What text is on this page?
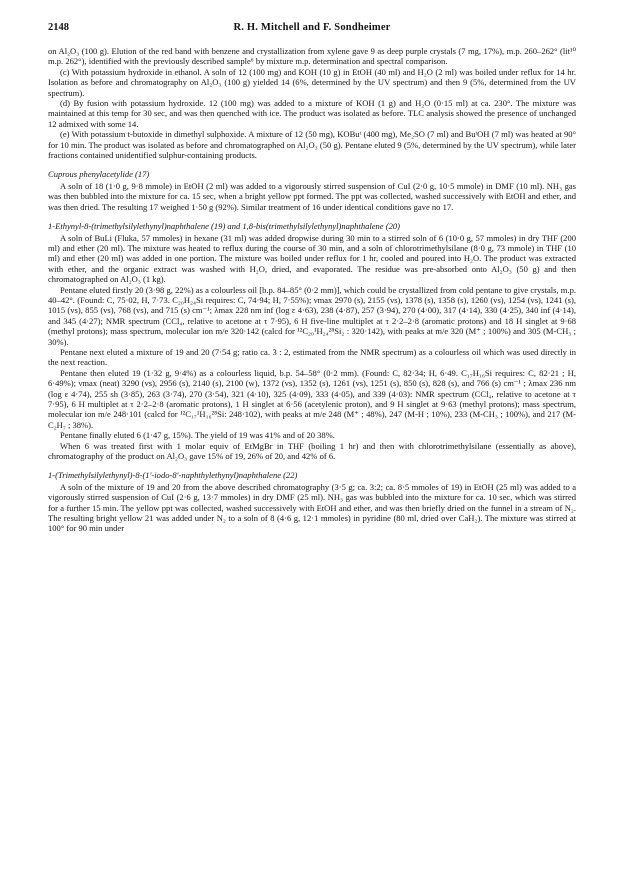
2148	R. H. Mitchell and F. Sondheimer

on Al₂O₃ (100 g). Elution of the red band with benzene and crystallization from xylene gave 9 as deep purple crystals (7 mg, 17%), m.p. 260–262° (lit¹⁰ m.p. 262°), identified with the previously described sample⁶ by mixture m.p. determination and spectral comparison.

(c) With potassium hydroxide in ethanol. A soln of 12 (100 mg) and KOH (10 g) in EtOH (40 ml) and H₂O (2 ml) was boiled under reflux for 14 hr. Isolation as before and chromatography on Al₂O₃ (100 g) yielded 14 (6%, determined by the UV spectrum) and then 9 (5%, determined from the UV spectrum).

(d) By fusion with potassium hydroxide. 12 (100 mg) was added to a mixture of KOH (1 g) and H₂O (0·15 ml) at ca. 230°. The mixture was maintained at this temp for 30 sec, and was then quenched with ice. The product was isolated as before. TLC analysis showed the presence of unchanged 12 admixed with some 14.

(e) With potassium t-butoxide in dimethyl sulphoxide. A mixture of 12 (50 mg), KOBuᵗ (400 mg), Me₂SO (7 ml) and BuᵗOH (7 ml) was heated at 90° for 10 min. The product was isolated as before and chromatographed on Al₂O₃ (50 g). Pentane eluted 9 (5%, determined by the UV spectrum), while later fractions contained unidentified sulphur-containing products.

Cuprous phenylacetylide (17)

A soln of 18 (1·0 g, 9·8 mmole) in EtOH (2 ml) was added to a vigorously stirred suspension of CuI (2·0 g, 10·5 mmole) in DMF (10 ml). NH₃ gas was then bubbled into the mixture for ca. 15 sec, when a bright yellow ppt formed. The ppt was collected, washed successively with EtOH and ether, and was then dried. The resulting 17 weighed 1·50 g (92%). Similar treatment of 16 under identical conditions gave no 17.

1-Ethynyl-8-(trimethylsilylethynyl)naphthalene (19) and 1,8-bis(trimethylsilylethynyl)naphthalene (20)

A soln of BuLi (Fluka, 57 mmoles) in hexane (31 ml) was added dropwise during 30 min to a stirred soln of 6 (10·0 g, 57 mmoles) in dry THF (200 ml) and ether (20 ml). The mixture was heated to reflux during the course of 30 min, and a soln of chlorotrimethylsilane (8·0 g, 73 mmole) in THF (10 ml) and ether (20 ml) was added in one portion. The mixture was boiled under reflux for 1 hr, cooled and poured into H₂O. The product was extracted with ether, and the organic extract was washed with H₂O, dried, and evaporated. The residue was pre-absorbed onto Al₂O₃ (50 g) and then chromatographed on Al₂O₃ (1 kg).

Pentane eluted firstly 20 (3·98 g, 22%) as a colourless oil [b.p. 84–85° (0·2 mm)], which could be crystallized from cold pentane to give crystals, m.p. 40–42°. (Found: C, 75·02, H, 7·73. C₂₀H₂₄Si requires: C, 74·94; H, 7·55%); νmax 2970 (s), 2155 (vs), 1378 (s), 1358 (s), 1260 (vs), 1254 (vs), 1241 (s), 1015 (vs), 855 (vs), 768 (vs), and 715 (s) cm⁻¹; λmax 228 nm inf (log ε 4·63), 238 (4·87), 257 (3·94), 270 (4·00), 317 (4·14), 330 (4·25), 340 inf (4·14), and 345 (4·27); NMR spectrum (CCl₄, relative to acetone at τ 7·95), 6 H five-line multiplet at τ 2·2–2·8 (aromatic protons) and 18 H singlet at 9·68 (methyl protons); mass spectrum, molecular ion m/e 320·142 (calcd for ¹²C₂₀¹H₂₄²⁸Si₂ : 320·142), with peaks at m/e 320 (M⁺ ; 100%) and 305 (M-CH₃ ; 30%).

Pentane next eluted a mixture of 19 and 20 (7·54 g; ratio ca. 3 : 2, estimated from the NMR spectrum) as a colourless oil which was used directly in the next reaction.

Pentane then eluted 19 (1·32 g, 9·4%) as a colourless liquid, b.p. 54–58° (0·2 mm). (Found: C, 82·34; H, 6·49. C₁₇H₁₆Si requires: C, 82·21 ; H, 6·49%); νmax (neat) 3290 (vs), 2956 (s), 2140 (s), 2100 (w), 1372 (vs), 1352 (s), 1261 (vs), 1251 (s), 850 (s), 828 (s), and 766 (s) cm⁻¹ ; λmax 236 nm (log ε 4·74), 255 sh (3·85), 263 (3·74), 270 (3·54), 321 (4·10), 325 (4·09), 333 (4·05), and 339 (4·03): NMR spectrum (CCl₄, relative to acetone at τ 7·95), 6 H multiplet at τ 2·2–2·8 (aromatic protons), 1 H singlet at 6·56 (acetylenic proton), and 9 H singlet at 9·63 (methyl protons); mass spectrum, molecular ion m/e 248·101 (calcd for ¹²C₁₇¹H₁₆²⁸Si: 248·102), with peaks at m/e 248 (M⁺ ; 48%), 247 (M-H ; 10%), 233 (M-CH₃ ; 100%), and 217 (M-C₂H₇ ; 38%).

Pentane finally eluted 6 (1·47 g, 15%). The yield of 19 was 41% and of 20 38%.

When 6 was treated first with 1 molar equiv of EtMgBr in THF (boiling 1 hr) and then with chlorotrimethylsilane (essentially as above), chromatography of the product on Al₂O₃ gave 15% of 19, 26% of 20, and 42% of 6.

1-(Trimethylsilylethynyl)-8-(1′-iodo-8′-naphthylethynyl)naphthalene (22)

A soln of the mixture of 19 and 20 from the above described chromatography (3·5 g; ca. 3:2; ca. 8·5 mmoles of 19) in EtOH (25 ml) was added to a vigorously stirred suspension of CuI (2·6 g, 13·7 mmoles) in dry DMF (25 ml). NH₃ gas was bubbled into the mixture for ca. 10 sec, which was stirred for a further 15 min. The yellow ppt was collected, washed successively with EtOH and ether, and was then briefly dried on the funnel in a stream of N₂. The resulting bright yellow 21 was added under N₂ to a soln of 8 (4·6 g, 12·1 mmoles) in pyridine (80 ml, dried over CaH₂). The mixture was stirred at 100° for 90 min under
